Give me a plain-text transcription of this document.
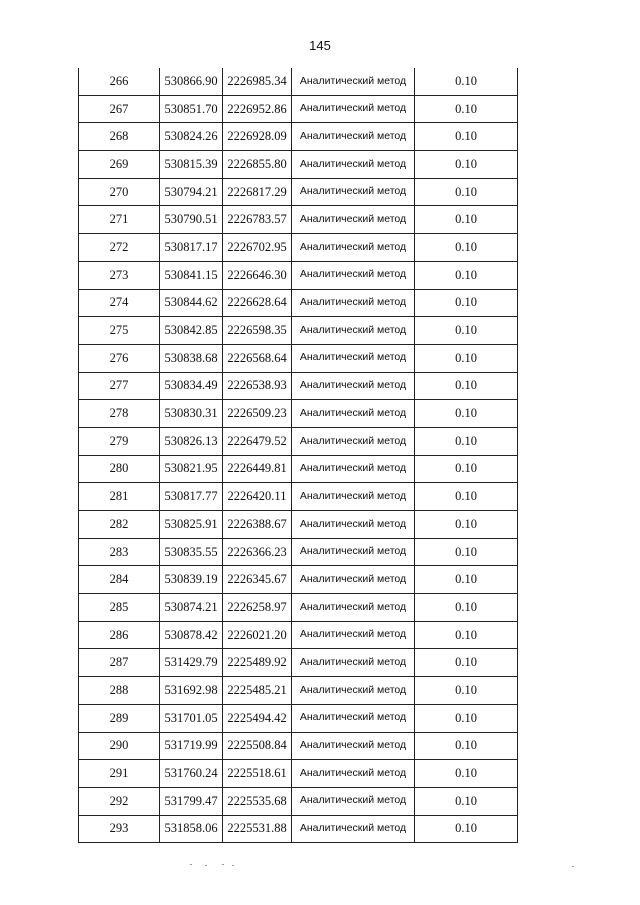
145
266	530866.90	2226985.34	Аналитический метод	0.10
267	530851.70	2226952.86	Аналитический метод	0.10
268	530824.26	2226928.09	Аналитический метод	0.10
269	530815.39	2226855.80	Аналитический метод	0.10
270	530794.21	2226817.29	Аналитический метод	0.10
271	530790.51	2226783.57	Аналитический метод	0.10
272	530817.17	2226702.95	Аналитический метод	0.10
273	530841.15	2226646.30	Аналитический метод	0.10
274	530844.62	2226628.64	Аналитический метод	0.10
275	530842.85	2226598.35	Аналитический метод	0.10
276	530838.68	2226568.64	Аналитический метод	0.10
277	530834.49	2226538.93	Аналитический метод	0.10
278	530830.31	2226509.23	Аналитический метод	0.10
279	530826.13	2226479.52	Аналитический метод	0.10
280	530821.95	2226449.81	Аналитический метод	0.10
281	530817.77	2226420.11	Аналитический метод	0.10
282	530825.91	2226388.67	Аналитический метод	0.10
283	530835.55	2226366.23	Аналитический метод	0.10
284	530839.19	2226345.67	Аналитический метод	0.10
285	530874.21	2226258.97	Аналитический метод	0.10
286	530878.42	2226021.20	Аналитический метод	0.10
287	531429.79	2225489.92	Аналитический метод	0.10
288	531692.98	2225485.21	Аналитический метод	0.10
289	531701.05	2225494.42	Аналитический метод	0.10
290	531719.99	2225508.84	Аналитический метод	0.10
291	531760.24	2225518.61	Аналитический метод	0.10
292	531799.47	2225535.68	Аналитический метод	0.10
293	531858.06	2225531.88	Аналитический метод	0.10
